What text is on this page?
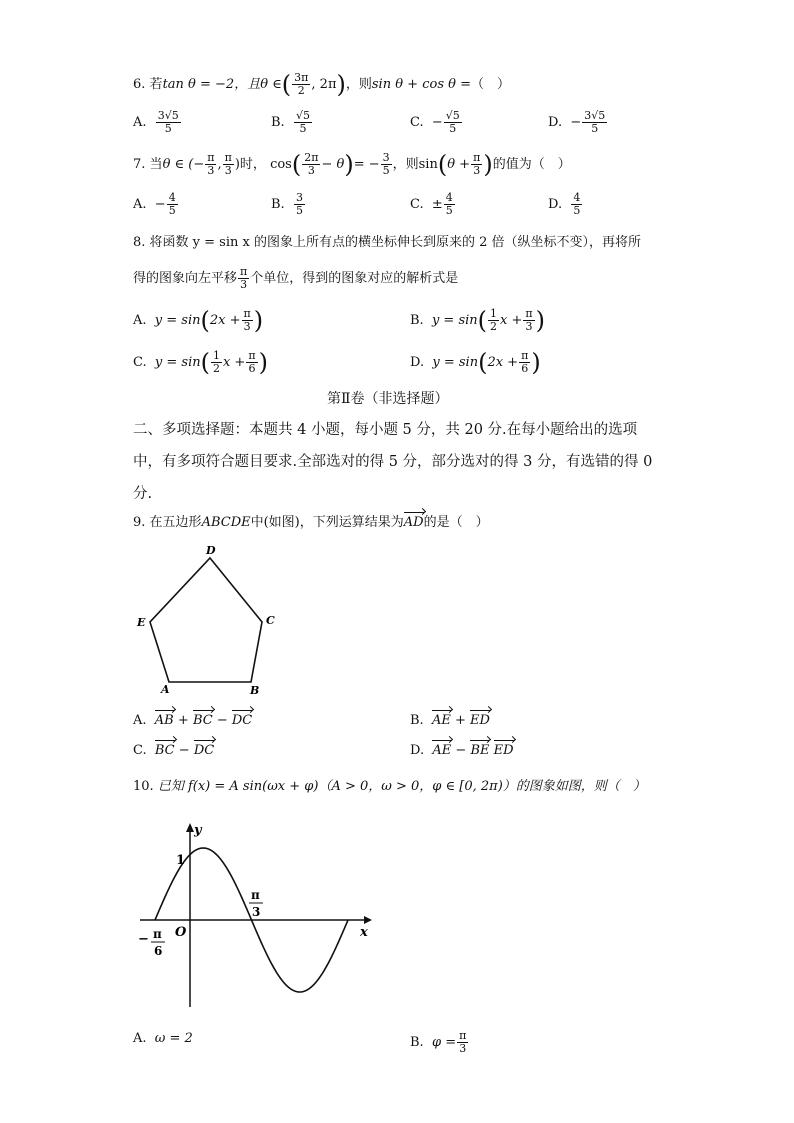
6. 若tan θ = −2，且θ ∈( $\frac{3\pi}{2}$ , 2π)，则sin θ + cos θ =（　）
A. $\frac{3√5}{5}$	B. $\frac{√5}{5}$	C. − $\frac{√5}{5}$	D. − $\frac{3√5}{5}$
7. 当θ ∈ (− $\frac{\pi}{3}$ , $\frac{\pi}{3}$ )时， $\cos( \frac{2\pi}{3} - \theta)= - \frac{3}{5}$ ，则$\sin(\theta + \frac{\pi}{3}$ )的值为（　）
A. − $\frac{4}{5}$	B. $\frac{3}{5}$	C. ± $\frac{4}{5}$	D. $\frac{4}{5}$
8. 将函数 y = sin x 的图象上所有点的横坐标伸长到原来的 2 倍（纵坐标不变），再将所
得的图象向左平移 $\frac{\pi}{3}$ 个单位，得到的图象对应的解析式是
A. $y = \sin(2x + \frac{\pi}{3}$ )	B. $y = \sin( \frac{1}{2}$ $x + \frac{\pi}{3}$ )
C. $y = \sin( \frac{1}{2}$ $x + \frac{\pi}{6}$ )	D. $y = \sin(2x + \frac{\pi}{6}$ )
第Ⅱ卷（非选择题）
二、多项选择题：本题共 4 小题，每小题 5 分，共 20 分.在每小题给出的选项中，有多项符合题目要求.全部选对的得 5 分，部分选对的得 3 分，有选错的得 0 分.
9. 在五边形ABCDE中(如图)，下列运算结果为AD的是（　）
D
C
E
A	B
A. AB + BC − DC	B. AE + ED
C. BC − DC	D. AE − BE ED
10. 已知 f(x) = A sin(ωx + φ)（A > 0，ω > 0，φ ∈ [0, 2π)）的图象如图，则（　）
y
x
O
1
π
3
− π
6
A. ω = 2	B. $\varphi = \frac{\pi}{3}$
